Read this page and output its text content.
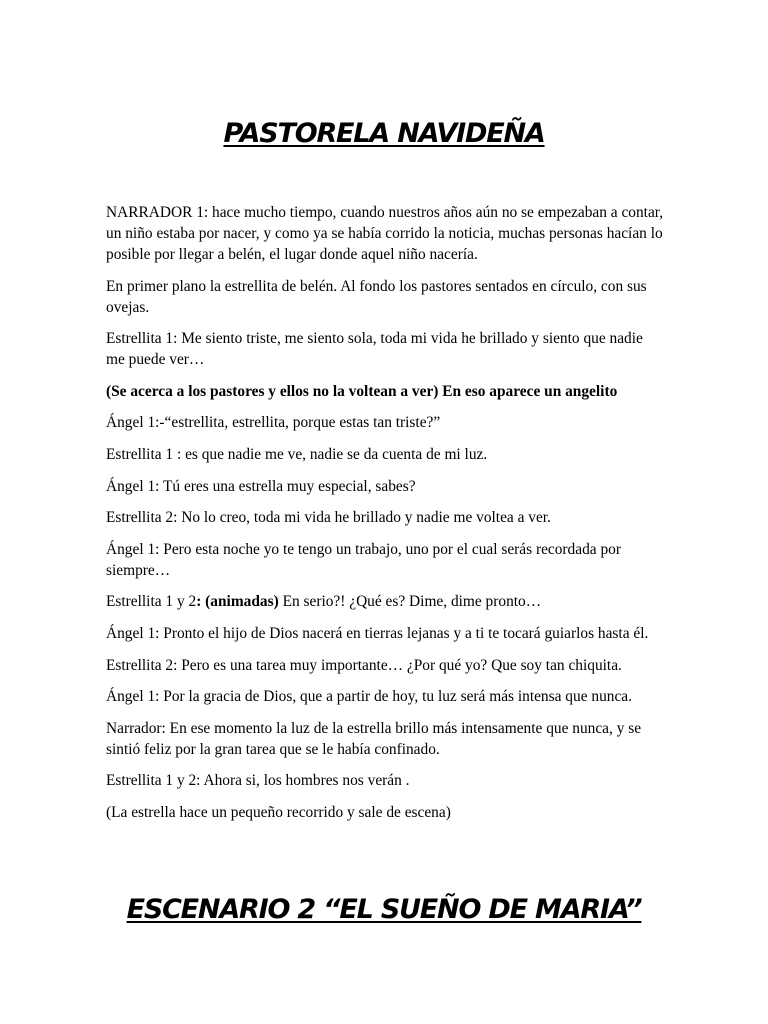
PASTORELA NAVIDEÑA

NARRADOR 1: hace mucho tiempo, cuando nuestros años aún no se empezaban a contar, un niño estaba por nacer, y como ya se había corrido la noticia, muchas personas hacían lo posible por llegar a belén, el lugar donde aquel niño nacería.

En primer plano la estrellita de belén. Al fondo los pastores sentados en círculo, con sus ovejas.

Estrellita 1: Me siento triste, me siento sola, toda mi vida he brillado y siento que nadie me puede ver…

(Se acerca a los pastores y ellos no la voltean a ver) En eso aparece un angelito

Ángel 1:-“estrellita, estrellita, porque estas tan triste?”

Estrellita 1 : es que nadie me ve, nadie se da cuenta de mi luz.

Ángel 1: Tú eres una estrella muy especial, sabes?

Estrellita 2: No lo creo, toda mi vida he brillado y nadie me voltea a ver.

Ángel 1: Pero esta noche yo te tengo un trabajo, uno por el cual serás recordada por siempre…

Estrellita 1 y 2: (animadas) En serio?! ¿Qué es? Dime, dime pronto…

Ángel 1: Pronto el hijo de Dios nacerá en tierras lejanas y a ti te tocará guiarlos hasta él.

Estrellita 2: Pero es una tarea muy importante… ¿Por qué yo? Que soy tan chiquita.

Ángel 1: Por la gracia de Dios, que a partir de hoy, tu luz será más intensa que nunca.

Narrador: En ese momento la luz de la estrella brillo más intensamente que nunca, y se sintió feliz por la gran tarea que se le había confinado.

Estrellita 1 y 2: Ahora si, los hombres nos verán .

(La estrella hace un pequeño recorrido y sale de escena)

ESCENARIO 2 “EL SUEÑO DE MARIA”
